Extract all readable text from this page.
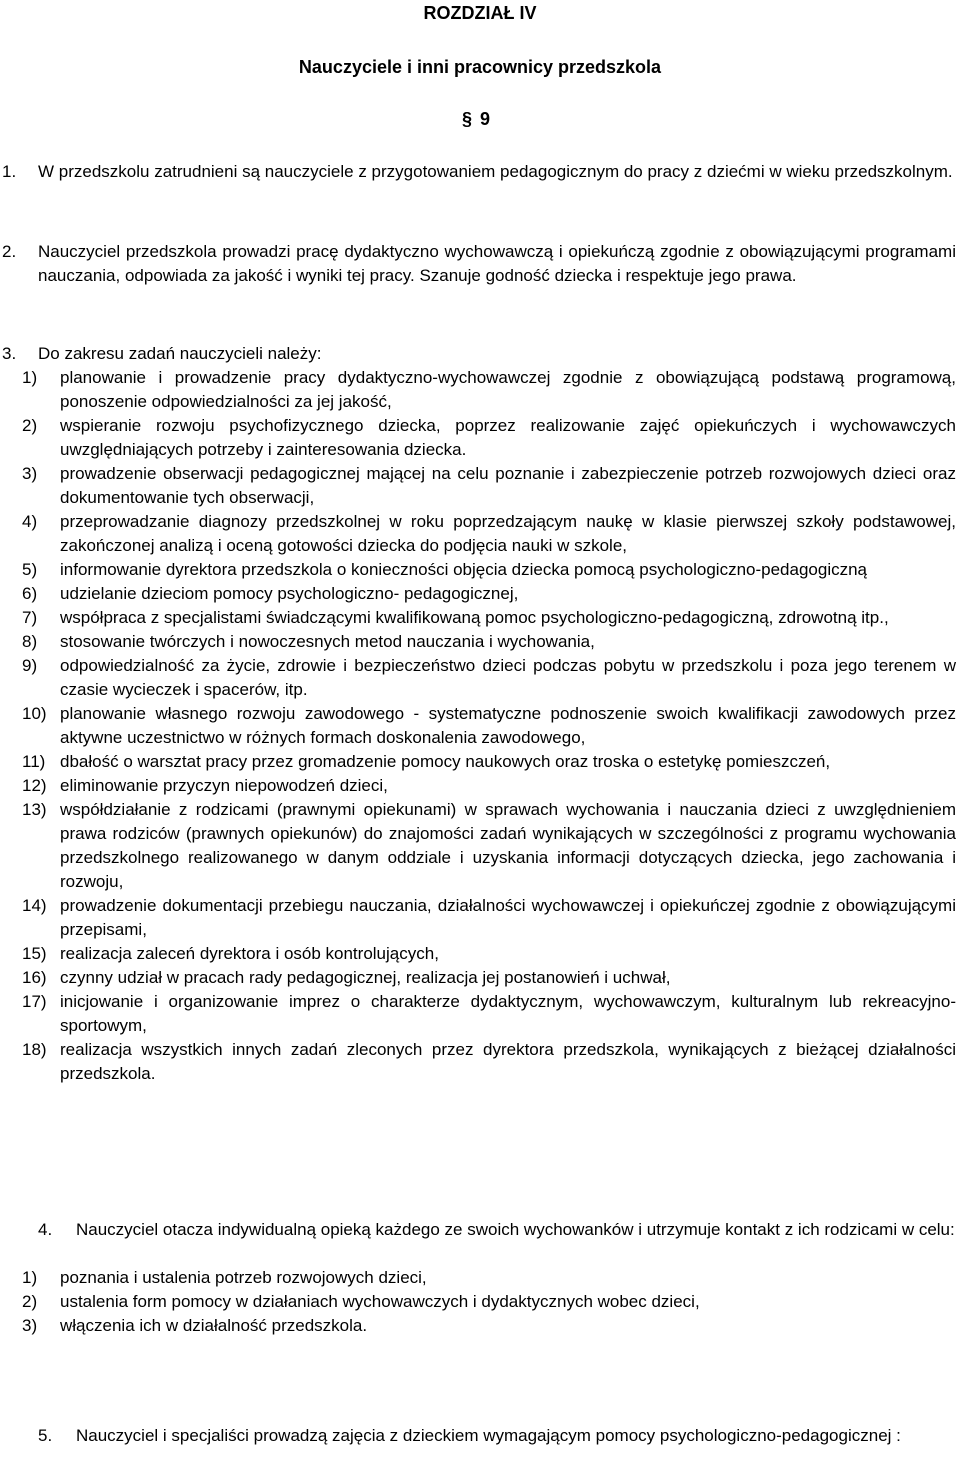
ROZDZIAŁ IV
Nauczyciele i inni pracownicy przedszkola
§ 9
1. W przedszkolu zatrudnieni są nauczyciele z przygotowaniem pedagogicznym do pracy z dziećmi w wieku przedszkolnym.
2. Nauczyciel przedszkola prowadzi pracę dydaktyczno wychowawczą i opiekuńczą zgodnie z obowiązującymi programami nauczania, odpowiada za jakość i wyniki tej pracy. Szanuje godność dziecka i respektuje jego prawa.
3. Do zakresu zadań nauczycieli należy:
1) planowanie i prowadzenie pracy dydaktyczno-wychowawczej zgodnie z obowiązującą podstawą programową, ponoszenie odpowiedzialności za jej jakość,
2) wspieranie rozwoju psychofizycznego dziecka, poprzez realizowanie zajęć opiekuńczych i wychowawczych uwzględniających potrzeby i zainteresowania dziecka.
3) prowadzenie obserwacji pedagogicznej mającej na celu poznanie i zabezpieczenie potrzeb rozwojowych dzieci oraz dokumentowanie tych obserwacji,
4) przeprowadzanie diagnozy przedszkolnej w roku poprzedzającym naukę w klasie pierwszej szkoły podstawowej, zakończonej analizą i oceną gotowości dziecka do podjęcia nauki w szkole,
5) informowanie dyrektora przedszkola o konieczności objęcia dziecka pomocą psychologiczno-pedagogiczną
6) udzielanie dzieciom pomocy psychologiczno- pedagogicznej,
7) współpraca z specjalistami świadczącymi kwalifikowaną pomoc psychologiczno-pedagogiczną, zdrowotną itp.,
8) stosowanie twórczych i nowoczesnych metod nauczania i wychowania,
9) odpowiedzialność za życie, zdrowie i bezpieczeństwo dzieci podczas pobytu w przedszkolu i poza jego terenem w czasie wycieczek i spacerów, itp.
10) planowanie własnego rozwoju zawodowego - systematyczne podnoszenie swoich kwalifikacji zawodowych przez aktywne uczestnictwo w różnych formach doskonalenia zawodowego,
11) dbałość o warsztat pracy przez gromadzenie pomocy naukowych oraz troska o estetykę pomieszczeń,
12) eliminowanie przyczyn niepowodzeń dzieci,
13) współdziałanie z rodzicami (prawnymi opiekunami) w sprawach wychowania i nauczania dzieci z uwzględnieniem prawa rodziców (prawnych opiekunów) do znajomości zadań wynikających w szczególności z programu wychowania przedszkolnego realizowanego w danym oddziale i uzyskania informacji dotyczących dziecka, jego zachowania i rozwoju,
14) prowadzenie dokumentacji przebiegu nauczania, działalności wychowawczej i opiekuńczej zgodnie z obowiązującymi przepisami,
15) realizacja zaleceń dyrektora i osób kontrolujących,
16) czynny udział w pracach rady pedagogicznej, realizacja jej postanowień i uchwał,
17) inicjowanie i organizowanie imprez o charakterze dydaktycznym, wychowawczym, kulturalnym lub rekreacyjno-sportowym,
18) realizacja wszystkich innych zadań zleconych przez dyrektora przedszkola, wynikających z bieżącej działalności przedszkola.
4. Nauczyciel otacza indywidualną opieką każdego ze swoich wychowanków i utrzymuje kontakt z ich rodzicami w celu:
1) poznania i ustalenia potrzeb rozwojowych dzieci,
2) ustalenia form pomocy w działaniach wychowawczych i dydaktycznych wobec dzieci,
3) włączenia ich w działalność przedszkola.
5. Nauczyciel i specjaliści prowadzą zajęcia z dzieckiem wymagającym pomocy psychologiczno-pedagogicznej :
